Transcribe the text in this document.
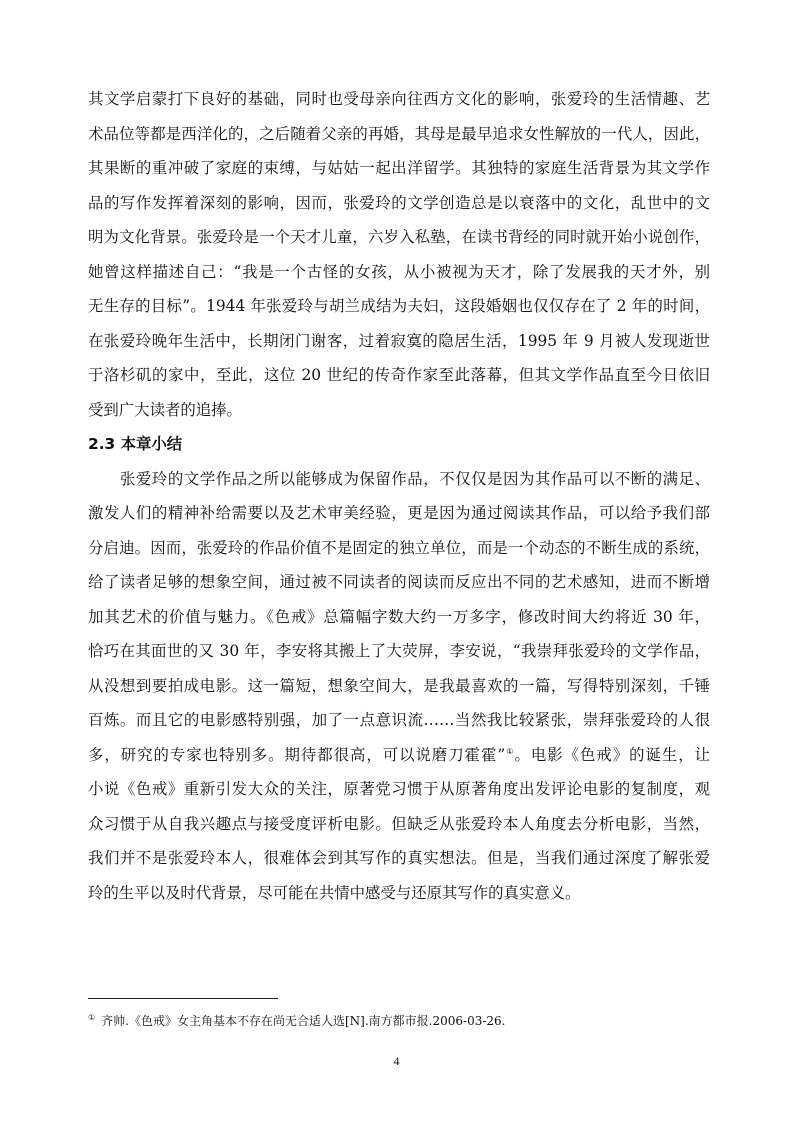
其文学启蒙打下良好的基础，同时也受母亲向往西方文化的影响，张爱玲的生活情趣、艺
术品位等都是西洋化的，之后随着父亲的再婚，其母是最早追求女性解放的一代人，因此，
其果断的重冲破了家庭的束缚，与姑姑一起出洋留学。其独特的家庭生活背景为其文学作
品的写作发挥着深刻的影响，因而，张爱玲的文学创造总是以衰落中的文化，乱世中的文
明为文化背景。张爱玲是一个天才儿童，六岁入私塾，在读书背经的同时就开始小说创作，
她曾这样描述自己：“我是一个古怪的女孩，从小被视为天才，除了发展我的天才外，别
无生存的目标”。1944 年张爱玲与胡兰成结为夫妇，这段婚姻也仅仅存在了 2 年的时间，
在张爱玲晚年生活中，长期闭门谢客，过着寂寞的隐居生活，1995 年 9 月被人发现逝世
于洛杉矶的家中，至此，这位 20 世纪的传奇作家至此落幕，但其文学作品直至今日依旧
受到广大读者的追捧。
2.3 本章小结
张爱玲的文学作品之所以能够成为保留作品，不仅仅是因为其作品可以不断的满足、
激发人们的精神补给需要以及艺术审美经验，更是因为通过阅读其作品，可以给予我们部
分启迪。因而，张爱玲的作品价值不是固定的独立单位，而是一个动态的不断生成的系统，
给了读者足够的想象空间，通过被不同读者的阅读而反应出不同的艺术感知，进而不断增
加其艺术的价值与魅力。《色戒》总篇幅字数大约一万多字，修改时间大约将近 30 年，
恰巧在其面世的又 30 年，李安将其搬上了大荧屏，李安说，“我崇拜张爱玲的文学作品，
从没想到要拍成电影。这一篇短，想象空间大，是我最喜欢的一篇，写得特别深刻，千锤
百炼。而且它的电影感特别强，加了一点意识流……当然我比较紧张，崇拜张爱玲的人很
多，研究的专家也特别多。期待都很高，可以说磨刀霍霍”①。电影《色戒》的诞生，让
小说《色戒》重新引发大众的关注，原著党习惯于从原著角度出发评论电影的复制度，观
众习惯于从自我兴趣点与接受度评析电影。但缺乏从张爱玲本人角度去分析电影，当然，
我们并不是张爱玲本人，很难体会到其写作的真实想法。但是，当我们通过深度了解张爱
玲的生平以及时代背景，尽可能在共情中感受与还原其写作的真实意义。
① 齐帅.《色戒》女主角基本不存在尚无合适人选[N].南方都市报.2006-03-26.
4
